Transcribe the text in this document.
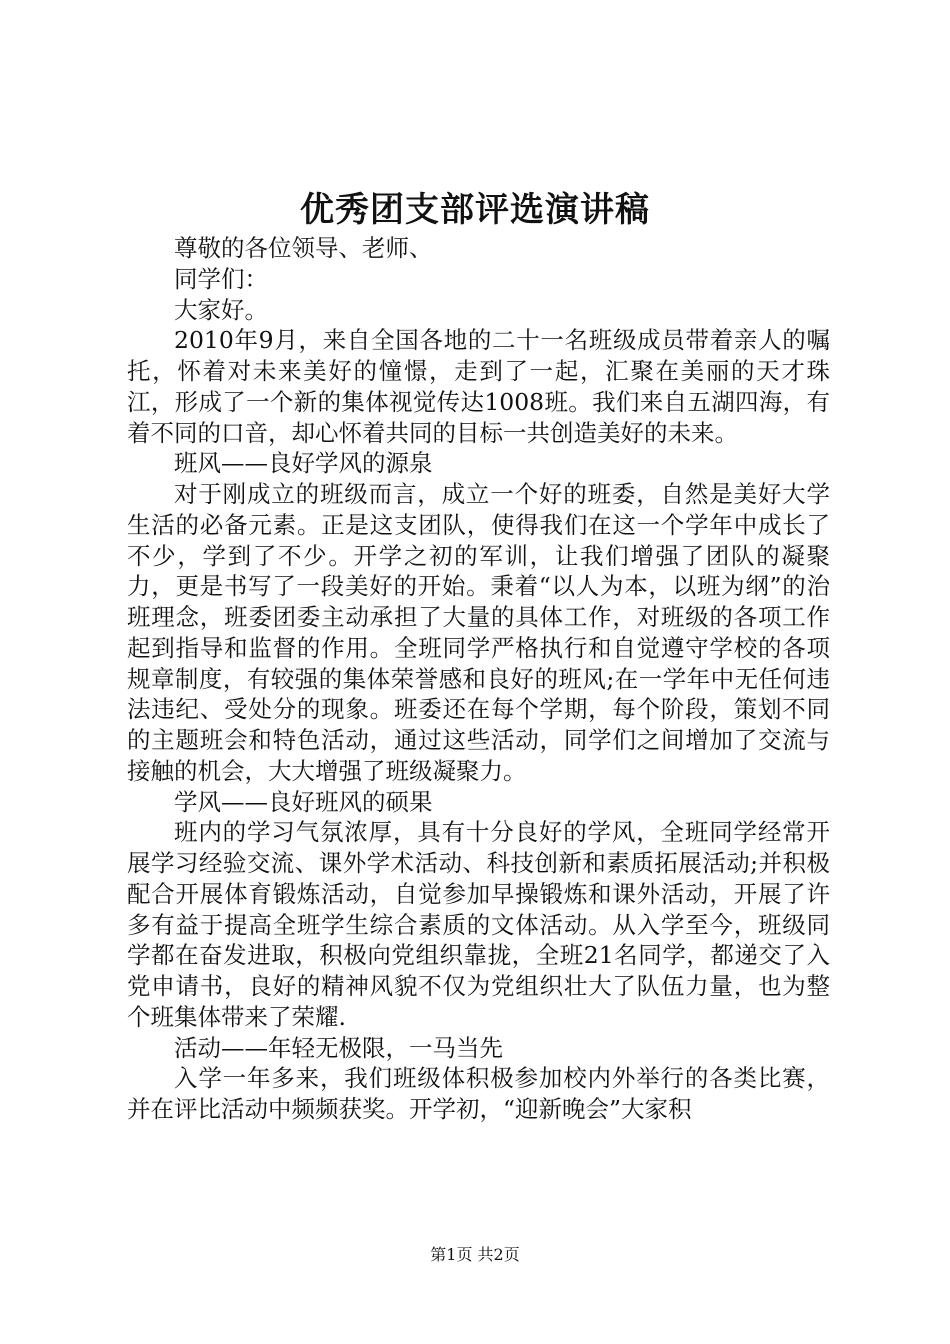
优秀团支部评选演讲稿

尊敬的各位领导、老师、

同学们：

大家好。

2010年9月，来自全国各地的二十一名班级成员带着亲人的嘱托，怀着对未来美好的憧憬，走到了一起，汇聚在美丽的天才珠江，形成了一个新的集体视觉传达1008班。我们来自五湖四海，有着不同的口音，却心怀着共同的目标一共创造美好的未来。

班风——良好学风的源泉

对于刚成立的班级而言，成立一个好的班委，自然是美好大学生活的必备元素。正是这支团队，使得我们在这一个学年中成长了不少，学到了不少。开学之初的军训，让我们增强了团队的凝聚力，更是书写了一段美好的开始。秉着“以人为本，以班为纲”的治班理念，班委团委主动承担了大量的具体工作，对班级的各项工作起到指导和监督的作用。全班同学严格执行和自觉遵守学校的各项规章制度，有较强的集体荣誉感和良好的班风;在一学年中无任何违法违纪、受处分的现象。班委还在每个学期，每个阶段，策划不同的主题班会和特色活动，通过这些活动，同学们之间增加了交流与接触的机会，大大增强了班级凝聚力。

学风——良好班风的硕果

班内的学习气氛浓厚，具有十分良好的学风，全班同学经常开展学习经验交流、课外学术活动、科技创新和素质拓展活动;并积极配合开展体育锻炼活动，自觉参加早操锻炼和课外活动，开展了许多有益于提高全班学生综合素质的文体活动。从入学至今，班级同学都在奋发进取，积极向党组织靠拢，全班21名同学，都递交了入党申请书，良好的精神风貌不仅为党组织壮大了队伍力量，也为整个班集体带来了荣耀.

活动——年轻无极限，一马当先

入学一年多来，我们班级体积极参加校内外举行的各类比赛，并在评比活动中频频获奖。开学初，“迎新晚会”大家积

第1页 共2页
